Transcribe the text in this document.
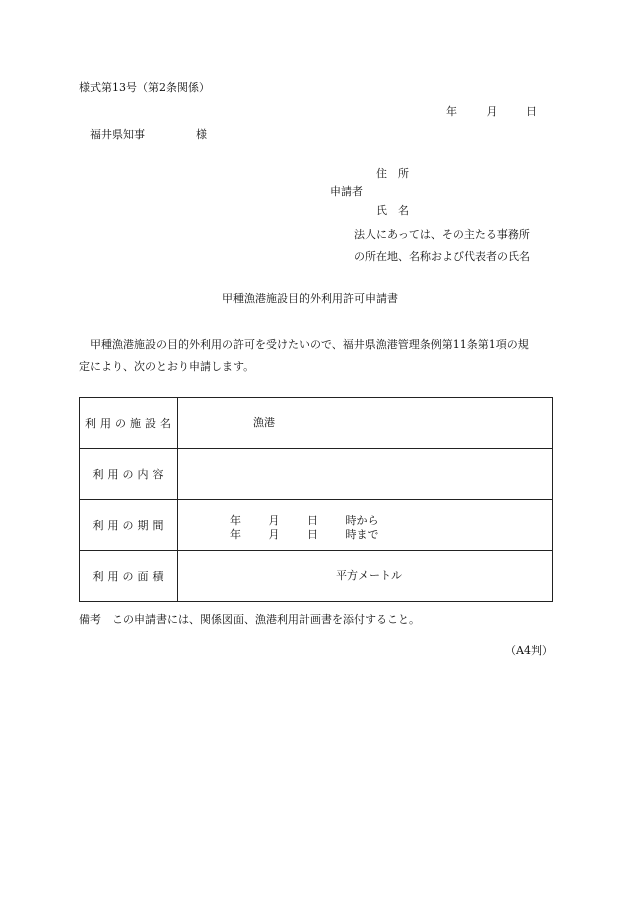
様式第13号（第2条関係）
年	月	日
福井県知事	様
住　所
申請者
氏　名
法人にあっては、その主たる事務所
の所在地、名称および代表者の氏名
甲種漁港施設目的外利用許可申請書
甲種漁港施設の目的外利用の許可を受けたいので、福井県漁港管理条例第11条第1項の規
定により、次のとおり申請します。
利用の施設名	漁港

利用の内容	
利用の期間	年 月 日 時から
年 月 日 時まで

利用の面積	平方メートル
備考　この申請書には、関係図面、漁港利用計画書を添付すること。
（A4判）
